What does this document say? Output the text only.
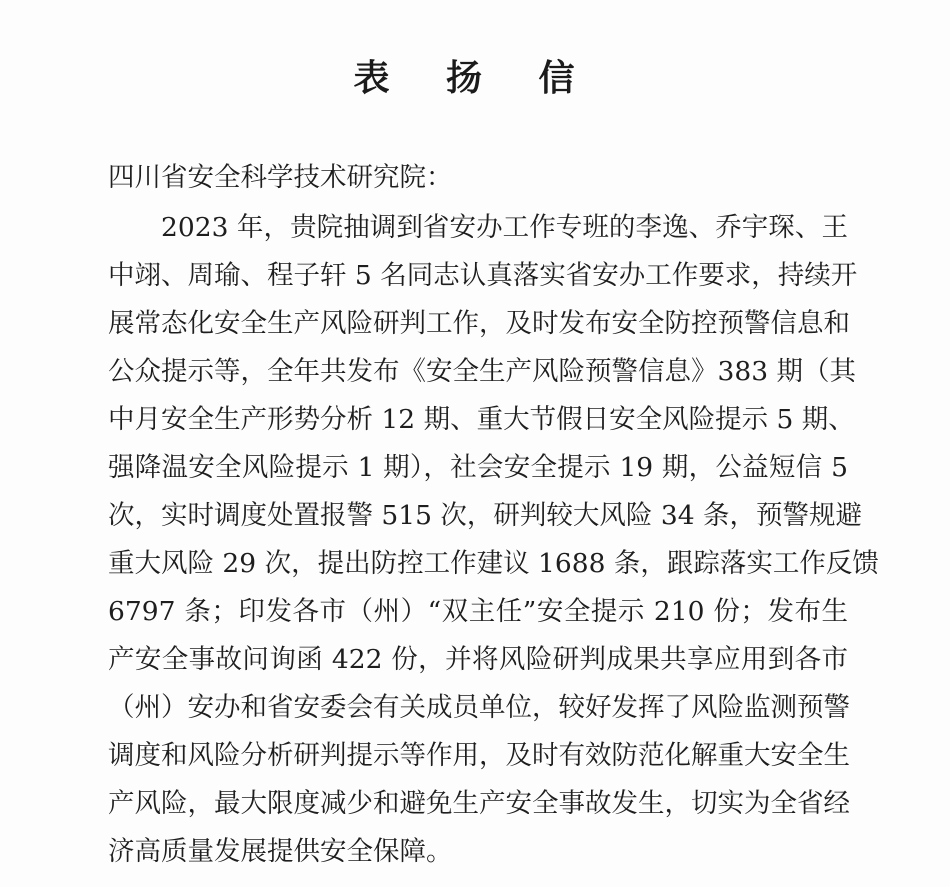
表 扬 信
四川省安全科学技术研究院：
2023 年，贵院抽调到省安办工作专班的李逸、乔宇琛、王
中翊、周瑜、程子轩 5 名同志认真落实省安办工作要求，持续开
展常态化安全生产风险研判工作，及时发布安全防控预警信息和
公众提示等，全年共发布《安全生产风险预警信息》383 期（其
中月安全生产形势分析 12 期、重大节假日安全风险提示 5 期、
强降温安全风险提示 1 期），社会安全提示 19 期，公益短信 5
次，实时调度处置报警 515 次，研判较大风险 34 条，预警规避
重大风险 29 次，提出防控工作建议 1688 条，跟踪落实工作反馈
6797 条；印发各市（州）“双主任”安全提示 210 份；发布生
产安全事故问询函 422 份，并将风险研判成果共享应用到各市
（州）安办和省安委会有关成员单位，较好发挥了风险监测预警
调度和风险分析研判提示等作用，及时有效防范化解重大安全生
产风险，最大限度减少和避免生产安全事故发生，切实为全省经
济高质量发展提供安全保障。
